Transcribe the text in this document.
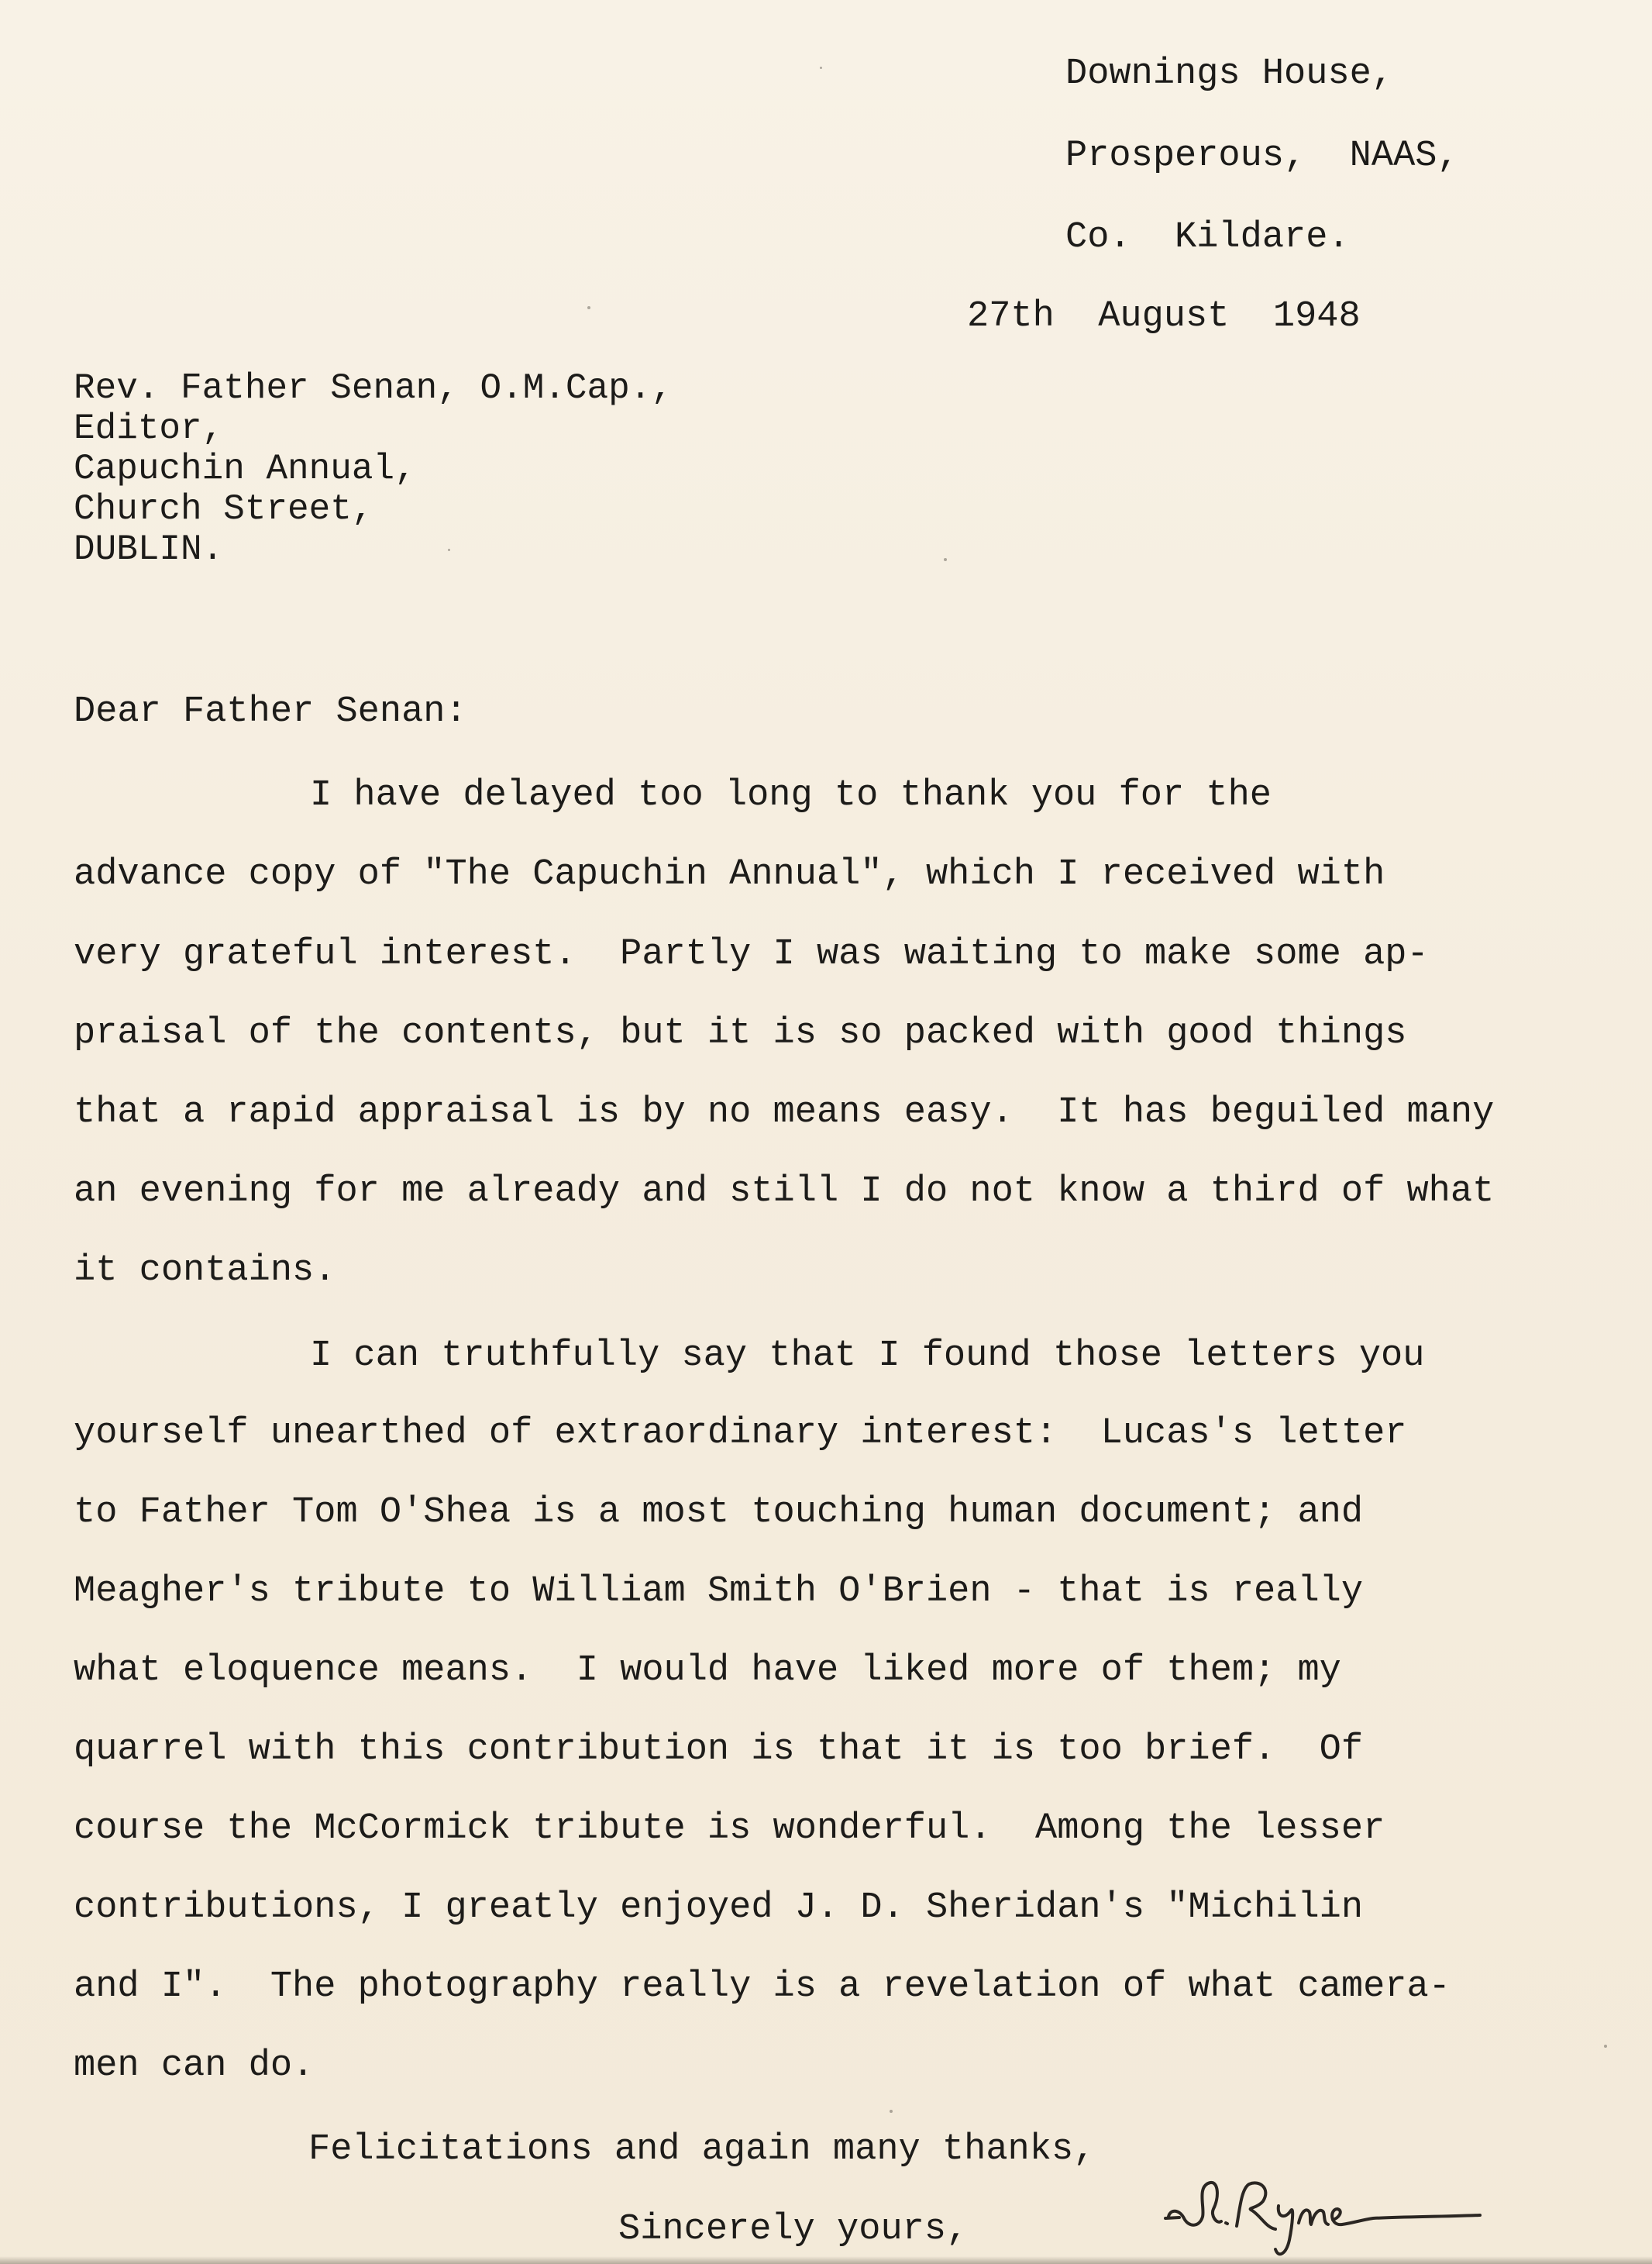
Downings House,
Prosperous,  NAAS,
Co.  Kildare.
27th  August  1948
Rev. Father Senan, O.M.Cap.,
Editor,
Capuchin Annual,
Church Street,
DUBLIN.
Dear Father Senan:
I have delayed too long to thank you for the
advance copy of "The Capuchin Annual", which I received with
very grateful interest.  Partly I was waiting to make some ap-
praisal of the contents, but it is so packed with good things
that a rapid appraisal is by no means easy.  It has beguiled many
an evening for me already and still I do not know a third of what
it contains.
I can truthfully say that I found those letters you
yourself unearthed of extraordinary interest:  Lucas's letter
to Father Tom O'Shea is a most touching human document; and
Meagher's tribute to William Smith O'Brien - that is really
what eloquence means.  I would have liked more of them; my
quarrel with this contribution is that it is too brief.  Of
course the McCormick tribute is wonderful.  Among the lesser
contributions, I greatly enjoyed J. D. Sheridan's "Michilin
and I".  The photography really is a revelation of what camera-
men can do.
Felicitations and again many thanks,
Sincerely yours,
